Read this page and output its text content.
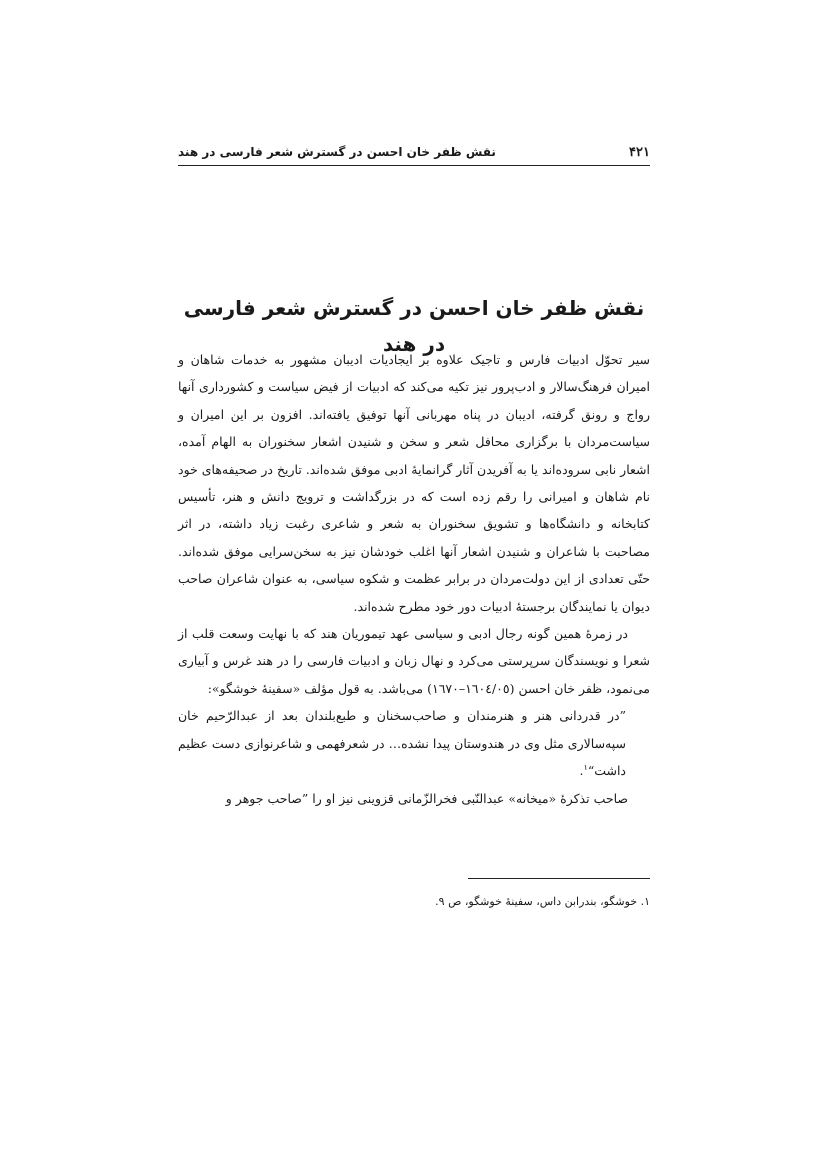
۴۲۱
نقش ظفر خان احسن در گسترش شعر فارسی در هند
نقش ظفر خان احسن در گسترش شعر فارسی در هند

سیر تحوّل ادبیات فارس و تاجیک علاوه بر ایجادیات ادیبان مشهور به خدمات شاهان و امیران فرهنگ‌سالار و ادب‌پرور نیز تکیه می‌کند که ادبیات از فیض سیاست و کشورداری آنها رواج و رونق گرفته، ادیبان در پناه مهربانی آنها توفیق یافته‌اند. افزون بر این امیران و سیاست‌مردان با برگزاری محافل شعر و سخن و شنیدن اشعار سخنوران به الهام آمده، اشعار نابی سروده‌اند یا به آفریدن آثار گرانمایهٔ ادبی موفق شده‌اند. تاریخ در صحیفه‌های خود نام شاهان و امیرانی را رقم زده است که در بزرگداشت و ترویج دانش و هنر، تأسیس کتابخانه و دانشگاه‌ها و تشویق سخنوران به شعر و شاعری رغبت زیاد داشته، در اثر مصاحبت با شاعران و شنیدن اشعار آنها اغلب خودشان نیز به سخن‌سرایی موفق شده‌اند. حتّی تعدادی از این دولت‌مردان در برابر عظمت و شکوه سیاسی، به عنوان شاعران صاحب دیوان یا نمایندگان برجستهٔ ادبیات دور خود مطرح شده‌اند.

در زمرهٔ همین گونه رجال ادبی و سیاسی عهد تیموریان هند که با نهایت وسعت قلب از شعرا و نویسندگان سرپرستی می‌کرد و نهال زبان و ادبیات فارسی را در هند غرس و آبیاری می‌نمود، ظفر خان احسن (١٦٠٤/٠٥–١٦٧٠) می‌باشد. به قول مؤلف «سفینهٔ خوشگو»:

”در قدردانی هنر و هنرمندان و صاحب‌سخنان و طبع‌بلندان بعد از عبدالرّحیم خان سپه‌سالاری مثل وی در هندوستان پیدا نشده… در شعرفهمی و شاعرنوازی دست عظیم داشت“$^١$.

صاحب تذکرهٔ «میخانه» عبدالنّبی فخرالزّمانی قزوینی نیز او را ”صاحب جوهر و

١. خوشگو، بندرابن داس، سفینهٔ خوشگو، ص ٩.
